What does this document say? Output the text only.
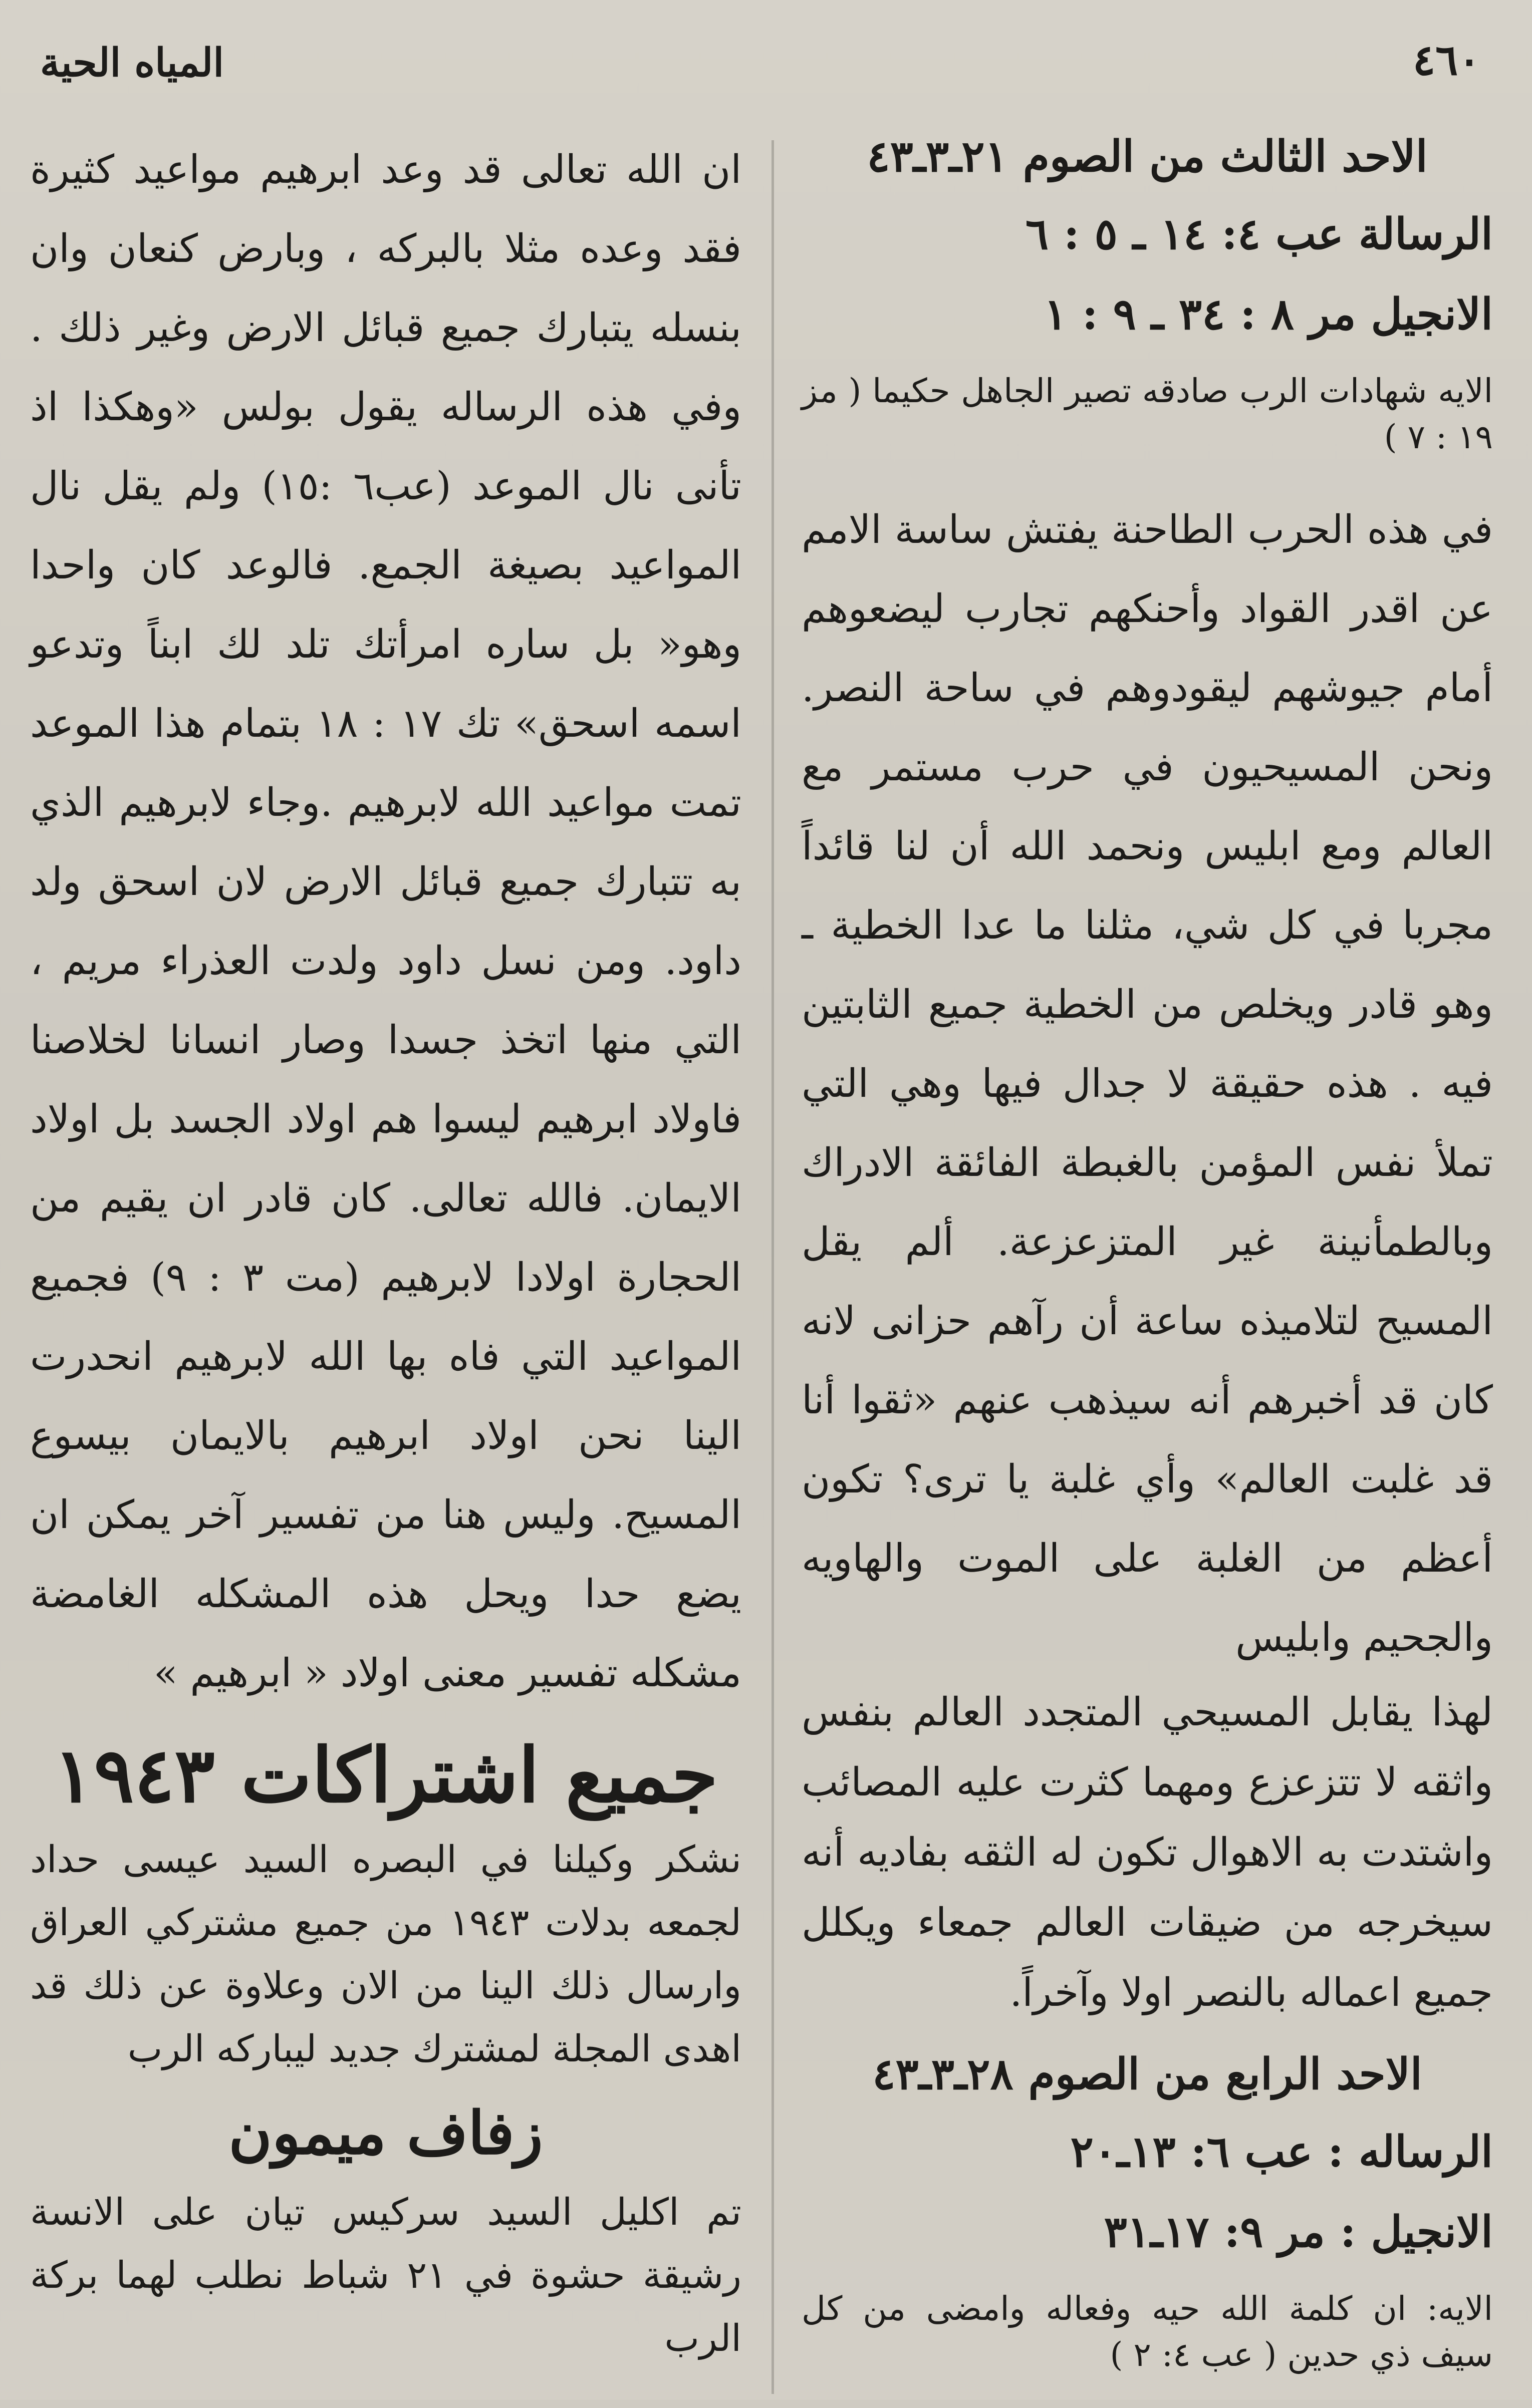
٤٦٠
المياه الحية
الاحد الثالث من الصوم ٢١ـ٣ـ٤٣
الرسالة عب ٤: ١٤ ـ ٥ : ٦
الانجيل مر ٨ : ٣٤ ـ ٩ : ١
الايه شهادات الرب صادقه تصير الجاهل حكيما ( مز ١٩ : ٧ )

في هذه الحرب الطاحنة يفتش ساسة الامم عن اقدر القواد وأحنكهم تجارب ليضعوهم أمام جيوشهم ليقودوهم في ساحة النصر. ونحن المسيحيون في حرب مستمر مع العالم ومع ابليس ونحمد الله أن لنا قائداً مجربا في كل شي، مثلنا ما عدا الخطية ـ وهو قادر ويخلص من الخطية جميع الثابتين فيه . هذه حقيقة لا جدال فيها وهي التي تملأ نفس المؤمن بالغبطة الفائقة الادراك وبالطمأنينة غير المتزعزعة. ألم يقل المسيح لتلاميذه ساعة أن رآهم حزانى لانه كان قد أخبرهم أنه سيذهب عنهم «ثقوا أنا قد غلبت العالم» وأي غلبة يا ترى؟ تكون أعظم من الغلبة على الموت والهاويه والجحيم وابليس

لهذا يقابل المسيحي المتجدد العالم بنفس واثقه لا تتزعزع ومهما كثرت عليه المصائب واشتدت به الاهوال تكون له الثقه بفاديه أنه سيخرجه من ضيقات العالم جمعاء ويكلل جميع اعماله بالنصر اولا وآخراً.

الاحد الرابع من الصوم ٢٨ـ٣ـ٤٣
الرساله : عب ٦: ١٣ـ٢٠
الانجيل : مر ٩: ١٧ـ٣١
الايه: ان كلمة الله حيه وفعاله وامضى من كل سيف ذي حدين ( عب ٤: ٢ )

ان الله تعالى قد وعد ابرهيم مواعيد كثيرة فقد وعده مثلا بالبركه ، وبارض كنعان وان بنسله يتبارك جميع قبائل الارض وغير ذلك . وفي هذه الرساله يقول بولس «وهكذا اذ تأنى نال الموعد (عب٦ :١٥) ولم يقل نال المواعيد بصيغة الجمع. فالوعد كان واحدا وهو« بل ساره امرأتك تلد لك ابناً وتدعو اسمه اسحق» تك ١٧ : ١٨ بتمام هذا الموعد تمت مواعيد الله لابرهيم .وجاء لابرهيم الذي به تتبارك جميع قبائل الارض لان اسحق ولد داود. ومن نسل داود ولدت العذراء مريم ، التي منها اتخذ جسدا وصار انسانا لخلاصنا فاولاد ابرهيم ليسوا هم اولاد الجسد بل اولاد الايمان. فالله تعالى. كان قادر ان يقيم من الحجارة اولادا لابرهيم (مت ٣ : ٩) فجميع المواعيد التي فاه بها الله لابرهيم انحدرت الينا نحن اولاد ابرهيم بالايمان بيسوع المسيح. وليس هنا من تفسير آخر يمكن ان يضع حدا ويحل هذه المشكله الغامضة مشكله تفسير معنى اولاد « ابرهيم »

جميع اشتراكات ١٩٤٣

نشكر وكيلنا في البصره السيد عيسى حداد لجمعه بدلات ١٩٤٣ من جميع مشتركي العراق وارسال ذلك الينا من الان وعلاوة عن ذلك قد اهدى المجلة لمشترك جديد ليباركه الرب

زفاف ميمون

تم اكليل السيد سركيس تيان على الانسة رشيقة حشوة في ٢١ شباط نطلب لهما بركة الرب
